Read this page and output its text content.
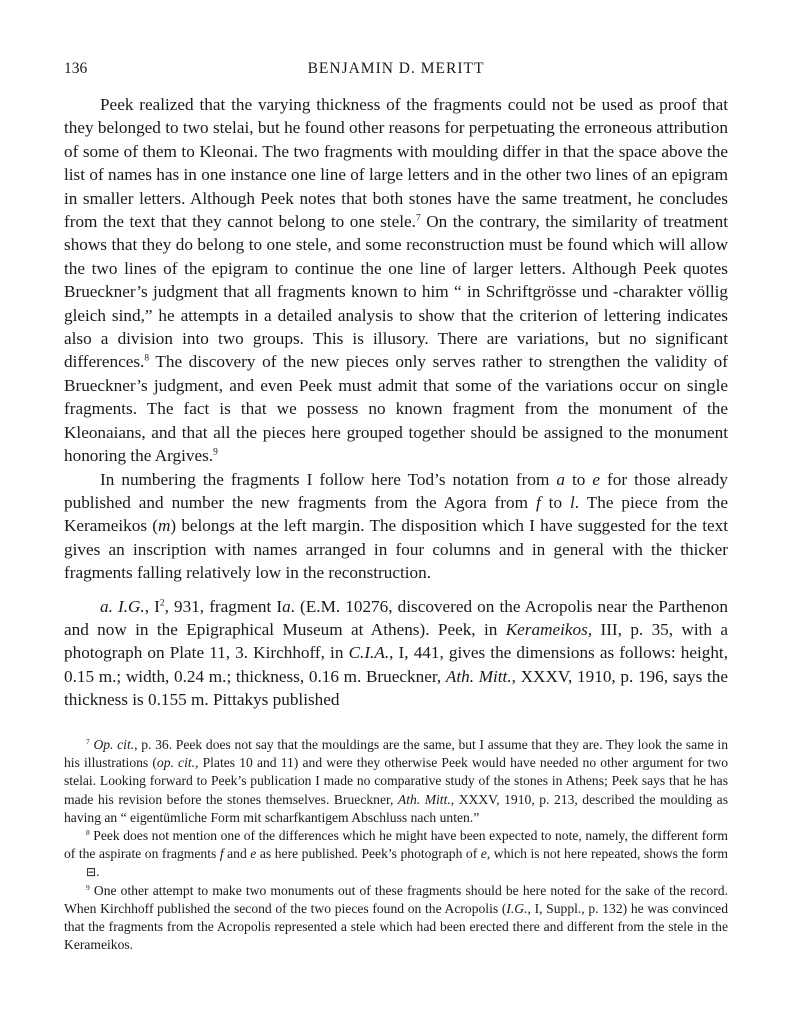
136	BENJAMIN D. MERITT

Peek realized that the varying thickness of the fragments could not be used as proof that they belonged to two stelai, but he found other reasons for perpetuating the erroneous attribution of some of them to Kleonai. The two fragments with moulding differ in that the space above the list of names has in one instance one line of large letters and in the other two lines of an epigram in smaller letters. Although Peek notes that both stones have the same treatment, he concludes from the text that they cannot belong to one stele.$^7$ On the contrary, the similarity of treatment shows that they do belong to one stele, and some reconstruction must be found which will allow the two lines of the epigram to continue the one line of larger letters. Although Peek quotes Brueckner’s judgment that all fragments known to him “ in Schriftgrösse und -charakter völlig gleich sind,” he attempts in a detailed analysis to show that the criterion of lettering indicates also a division into two groups. This is illusory. There are variations, but no significant differences.$^8$ The discovery of the new pieces only serves rather to strengthen the validity of Brueckner’s judgment, and even Peek must admit that some of the variations occur on single fragments. The fact is that we possess no known fragment from the monument of the Kleonaians, and that all the pieces here grouped together should be assigned to the monument honoring the Argives.$^9$

In numbering the fragments I follow here Tod’s notation from a to e for those already published and number the new fragments from the Agora from f to l. The piece from the Kerameikos (m) belongs at the left margin. The disposition which I have suggested for the text gives an inscription with names arranged in four columns and in general with the thicker fragments falling relatively low in the reconstruction.

a. I.G., $I^2$, 931, fragment Ia. (E.M. 10276, discovered on the Acropolis near the Parthenon and now in the Epigraphical Museum at Athens). Peek, in Kerameikos, III, p. 35, with a photograph on Plate 11, 3. Kirchhoff, in C.I.A., I, 441, gives the dimensions as follows: height, 0.15 m.; width, 0.24 m.; thickness, 0.16 m. Brueckner, Ath. Mitt., XXXV, 1910, p. 196, says the thickness is 0.155 m. Pittakys published

$^7$ Op. cit., p. 36. Peek does not say that the mouldings are the same, but I assume that they are. They look the same in his illustrations (op. cit., Plates 10 and 11) and were they otherwise Peek would have needed no other argument for two stelai. Looking forward to Peek’s publication I made no comparative study of the stones in Athens; Peek says that he has made his revision before the stones themselves. Brueckner, Ath. Mitt., XXXV, 1910, p. 213, described the moulding as having an “ eigentümliche Form mit scharfkantigem Abschluss nach unten.”

$^8$ Peek does not mention one of the differences which he might have been expected to note, namely, the different form of the aspirate on fragments f and e as here published. Peek’s photograph of e, which is not here repeated, shows the form ⊟.

$^9$ One other attempt to make two monuments out of these fragments should be here noted for the sake of the record. When Kirchhoff published the second of the two pieces found on the Acropolis (I.G., I, Suppl., p. 132) he was convinced that the fragments from the Acropolis represented a stele which had been erected there and different from the stele in the Kerameikos.
